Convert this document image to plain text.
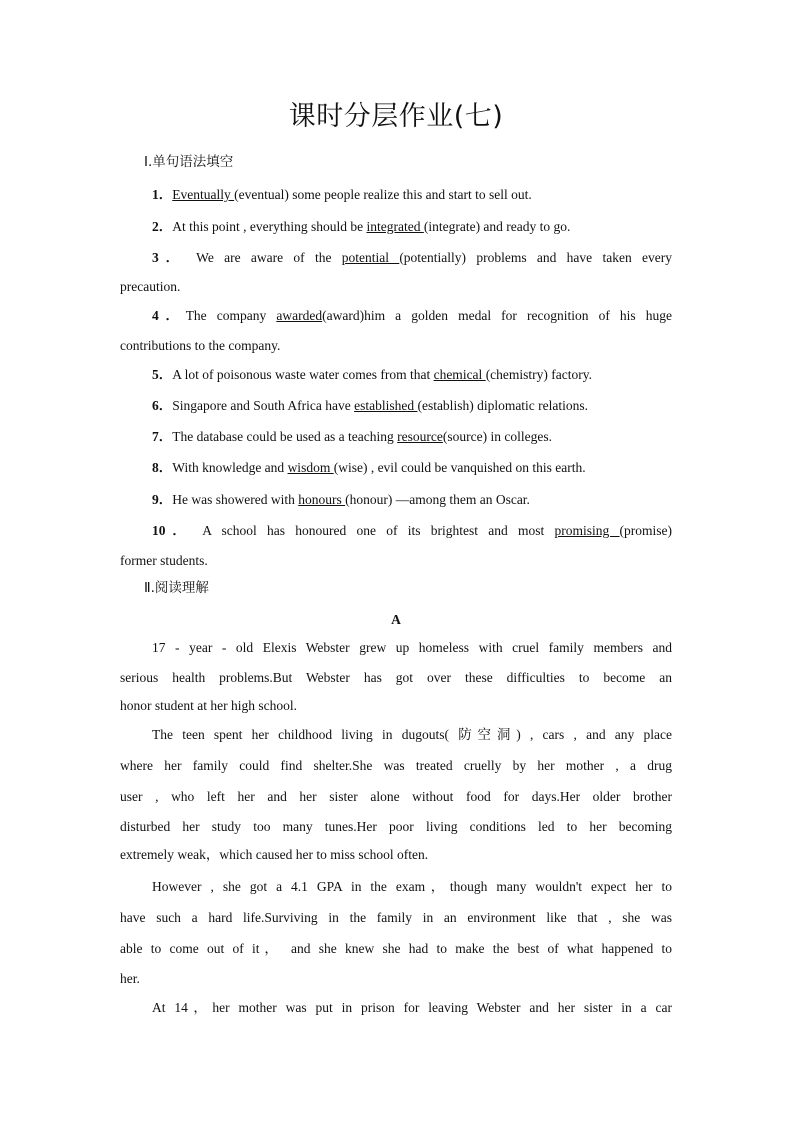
课时分层作业(七)
Ⅰ.单句语法填空
1．Eventually (eventual) some people realize this and start to sell out.
2．At this point , everything should be integrated (integrate) and ready to go.
3． We are aware of the potential (potentially) problems and have taken every
precaution.
4．The company awarded(award)him a golden medal for recognition of his huge
contributions to the company.
5．A lot of poisonous waste water comes from that chemical (chemistry) factory.
6．Singapore and South Africa have established (establish) diplomatic relations.
7．The database could be used as a teaching resource(source) in colleges.
8．With knowledge and wisdom (wise) , evil could be vanquished on this earth.
9．He was showered with honours (honour) —among them an Oscar.
10． A school has honoured one of its brightest and most promising (promise)
former students.
Ⅱ.阅读理解
A
17 - year - old Elexis Webster grew up homeless with cruel family members and
serious health problems.But Webster has got over these difficulties to become an
honor student at her high school.
The teen spent her childhood living in dugouts( 防空洞) , cars , and any place
where her family could find shelter.She was treated cruelly by her mother , a drug
user , who left her and her sister alone without food for days.Her older brother
disturbed her study too many tunes.Her poor living conditions led to her becoming
extremely weak，which caused her to miss school often.
However , she got a 4.1 GPA in the exam，though many wouldn't expect her to
have such a hard life.Surviving in the family in an environment like that , she was
able to come out of it， and she knew she had to make the best of what happened to
her.
At 14，her mother was put in prison for leaving Webster and her sister in a car
